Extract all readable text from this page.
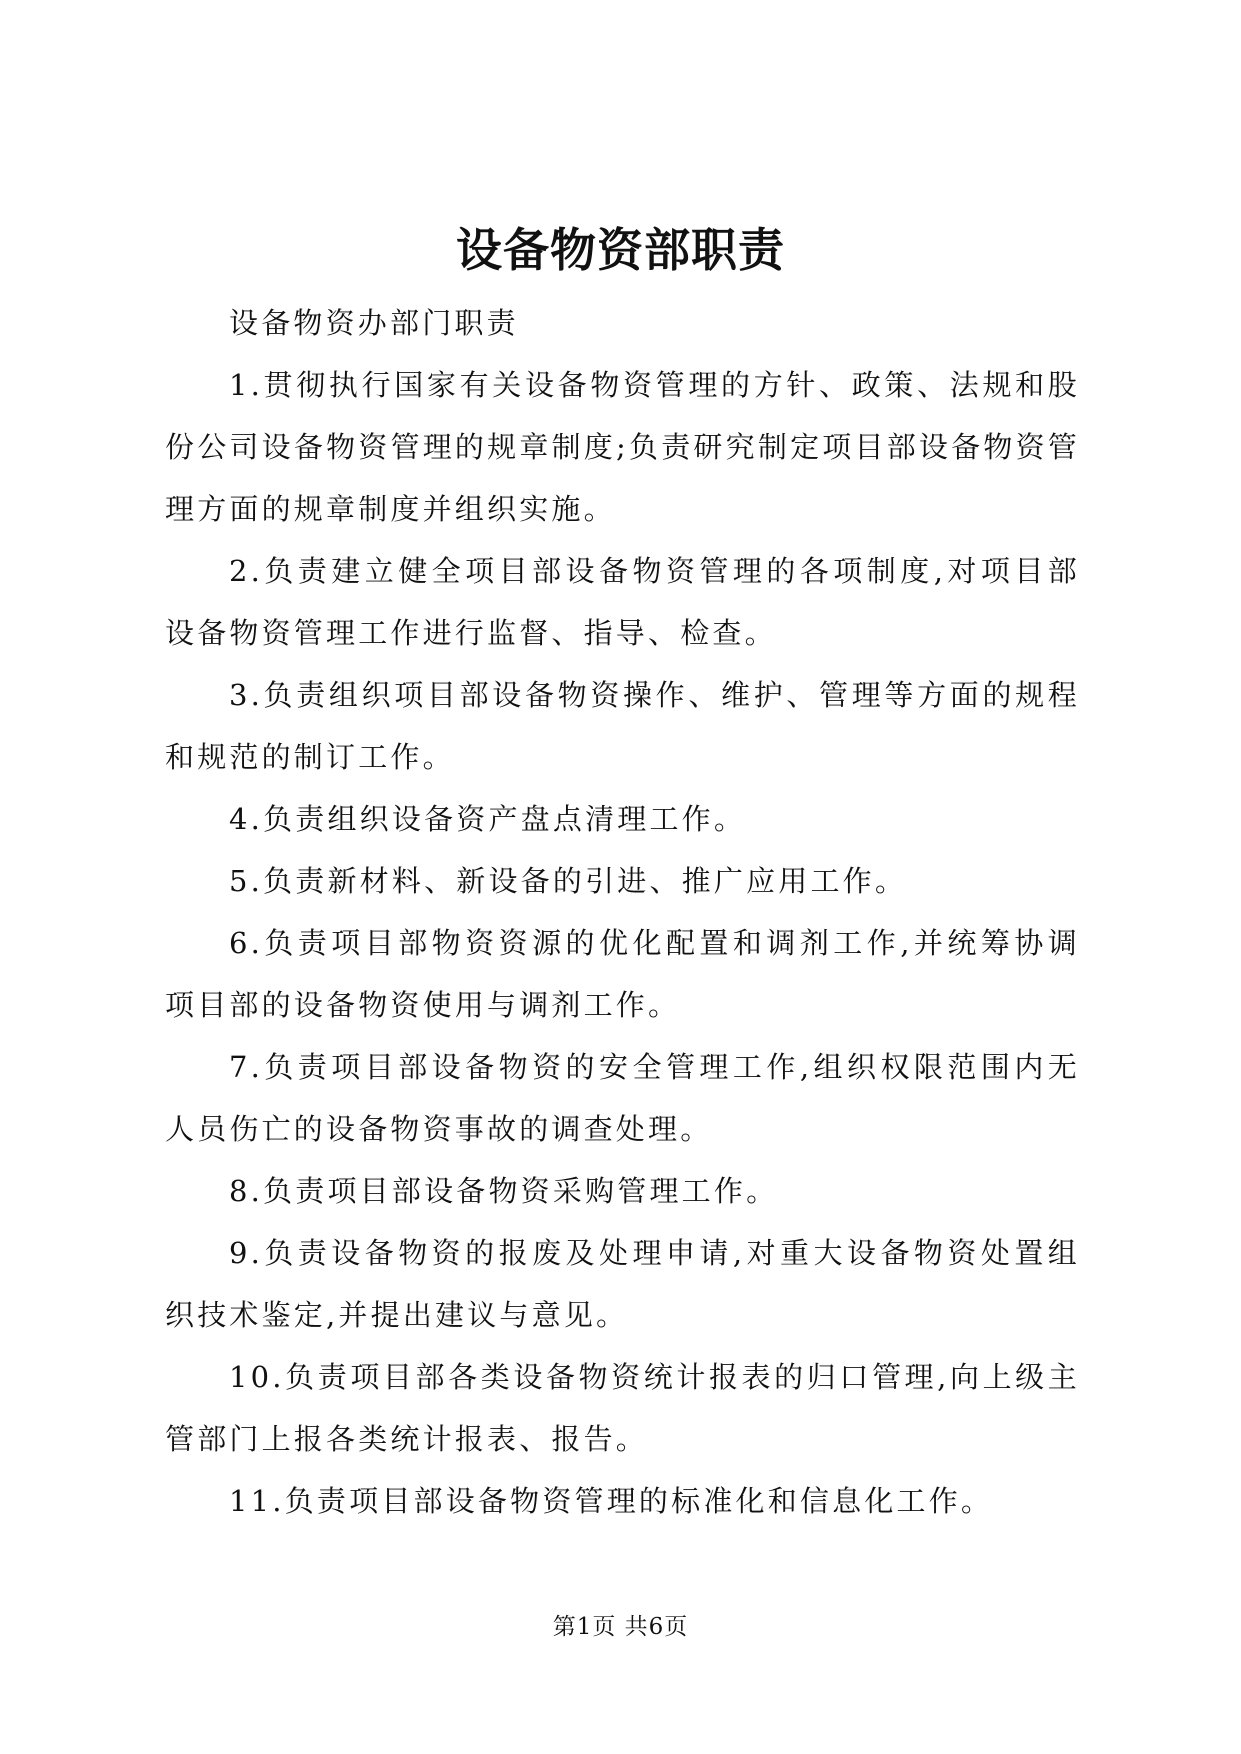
设备物资部职责

设备物资办部门职责

1.贯彻执行国家有关设备物资管理的方针、政策、法规和股份公司设备物资管理的规章制度;负责研究制定项目部设备物资管理方面的规章制度并组织实施。

2.负责建立健全项目部设备物资管理的各项制度,对项目部设备物资管理工作进行监督、指导、检查。

3.负责组织项目部设备物资操作、维护、管理等方面的规程和规范的制订工作。

4.负责组织设备资产盘点清理工作。

5.负责新材料、新设备的引进、推广应用工作。

6.负责项目部物资资源的优化配置和调剂工作,并统筹协调项目部的设备物资使用与调剂工作。

7.负责项目部设备物资的安全管理工作,组织权限范围内无人员伤亡的设备物资事故的调查处理。

8.负责项目部设备物资采购管理工作。

9.负责设备物资的报废及处理申请,对重大设备物资处置组织技术鉴定,并提出建议与意见。

10.负责项目部各类设备物资统计报表的归口管理,向上级主管部门上报各类统计报表、报告。

11.负责项目部设备物资管理的标准化和信息化工作。

第1页 共6页
